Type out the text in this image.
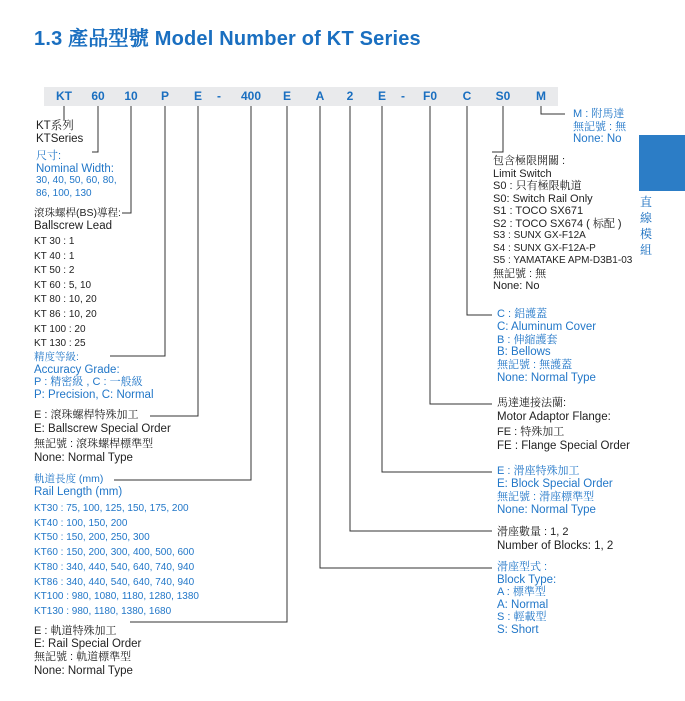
1.3 產品型號 Model Number of KT Series
KT 60 10 P E - 400 E A 2 E - F0 C S0 M
KT系列
KTSeries
尺寸:
Nominal Width:
30, 40, 50, 60, 80,
86, 100, 130
滾珠螺桿(BS)導程:
Ballscrew Lead
KT 30 : 1
KT 40 : 1
KT 50 : 2
KT 60 : 5, 10
KT 80 : 10, 20
KT 86 : 10, 20
KT 100 : 20
KT 130 : 25
精度等級:
Accuracy Grade:
P : 精密級 , C : 一般級
P: Precision, C: Normal
E : 滾珠螺桿特殊加工
E: Ballscrew Special Order
無記號 : 滾珠螺桿標準型
None: Normal Type
軌道長度 (mm)
Rail Length (mm)
KT30 : 75, 100, 125, 150, 175, 200
KT40 : 100, 150, 200
KT50 : 150, 200, 250, 300
KT60 : 150, 200, 300, 400, 500, 600
KT80 : 340, 440, 540, 640, 740, 940
KT86 : 340, 440, 540, 640, 740, 940
KT100 : 980, 1080, 1180, 1280, 1380
KT130 : 980, 1180, 1380, 1680
E : 軌道特殊加工
E: Rail Special Order
無記號 : 軌道標準型
None: Normal Type
M : 附馬達
無記號 : 無
None: No
包含極限開關 :
Limit Switch
S0 : 只有極限軌道
S0: Switch Rail Only
S1 : TOCO SX671
S2 : TOCO SX674 ( 标配 )
S3 : SUNX GX-F12A
S4 : SUNX GX-F12A-P
S5 : YAMATAKE APM-D3B1-03
無記號 : 無
None: No
C : 鋁護蓋
C: Aluminum Cover
B : 伸縮護套
B: Bellows
無記號 : 無護蓋
None: Normal Type
馬達連接法蘭:
Motor Adaptor Flange:
FE : 特殊加工
FE : Flange Special Order
E : 滑座特殊加工
E: Block Special Order
無記號 : 滑座標準型
None: Normal Type
滑座數量 : 1, 2
Number of Blocks: 1, 2
滑座型式 :
Block Type:
A : 標準型
A: Normal
S : 輕載型
S: Short
直
線
模
組
